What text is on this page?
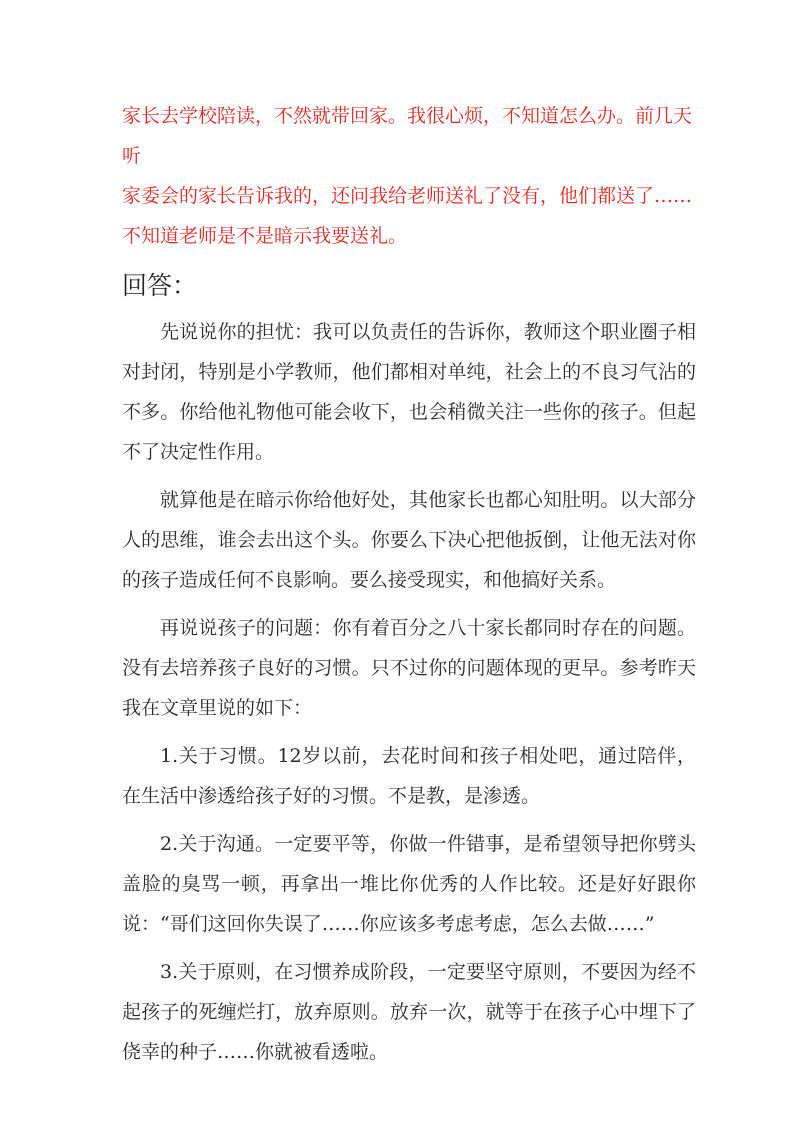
家长去学校陪读，不然就带回家。我很心烦，不知道怎么办。前几天听

家委会的家长告诉我的，还问我给老师送礼了没有，他们都送了……

不知道老师是不是暗示我要送礼。

回答：

先说说你的担忧：我可以负责任的告诉你，教师这个职业圈子相对封闭，特别是小学教师，他们都相对单纯，社会上的不良习气沾的不多。你给他礼物他可能会收下，也会稍微关注一些你的孩子。但起不了决定性作用。

就算他是在暗示你给他好处，其他家长也都心知肚明。以大部分人的思维，谁会去出这个头。你要么下决心把他扳倒，让他无法对你的孩子造成任何不良影响。要么接受现实，和他搞好关系。

再说说孩子的问题：你有着百分之八十家长都同时存在的问题。没有去培养孩子良好的习惯。只不过你的问题体现的更早。参考昨天我在文章里说的如下：

1.关于习惯。12岁以前，去花时间和孩子相处吧，通过陪伴，在生活中渗透给孩子好的习惯。不是教，是渗透。

2.关于沟通。一定要平等，你做一件错事，是希望领导把你劈头盖脸的臭骂一顿，再拿出一堆比你优秀的人作比较。还是好好跟你说：“哥们这回你失误了……你应该多考虑考虑，怎么去做……”

3.关于原则，在习惯养成阶段，一定要坚守原则，不要因为经不起孩子的死缠烂打，放弃原则。放弃一次，就等于在孩子心中埋下了侥幸的种子……你就被看透啦。
